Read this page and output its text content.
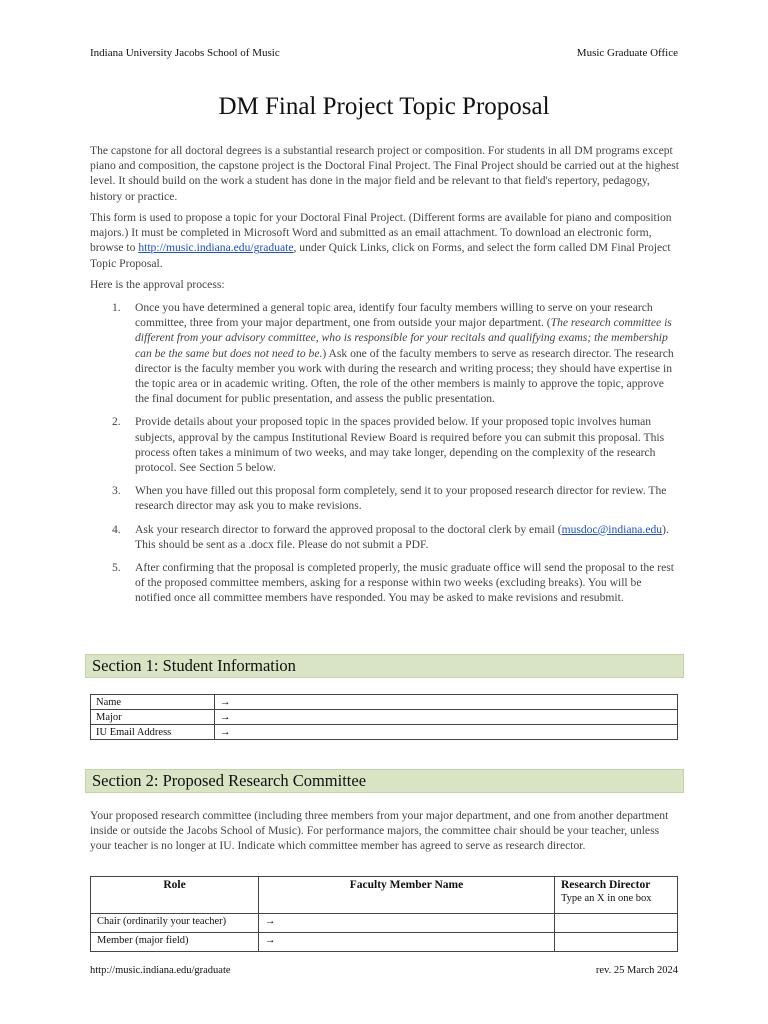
Indiana University Jacobs School of Music	Music Graduate Office
DM Final Project Topic Proposal

The capstone for all doctoral degrees is a substantial research project or composition. For students in all DM programs except piano and composition, the capstone project is the Doctoral Final Project. The Final Project should be carried out at the highest level. It should build on the work a student has done in the major field and be relevant to that field's repertory, pedagogy, history or practice.

This form is used to propose a topic for your Doctoral Final Project. (Different forms are available for piano and composition majors.) It must be completed in Microsoft Word and submitted as an email attachment. To download an electronic form, browse to http://music.indiana.edu/graduate, under Quick Links, click on Forms, and select the form called DM Final Project Topic Proposal.

Here is the approval process:

1. Once you have determined a general topic area, identify four faculty members willing to serve on your research committee, three from your major department, one from outside your major department. (The research committee is different from your advisory committee, who is responsible for your recitals and qualifying exams; the membership can be the same but does not need to be.) Ask one of the faculty members to serve as research director. The research director is the faculty member you work with during the research and writing process; they should have expertise in the topic area or in academic writing. Often, the role of the other members is mainly to approve the topic, approve the final document for public presentation, and assess the public presentation.
2. Provide details about your proposed topic in the spaces provided below. If your proposed topic involves human subjects, approval by the campus Institutional Review Board is required before you can submit this proposal. This process often takes a minimum of two weeks, and may take longer, depending on the complexity of the research protocol. See Section 5 below.
3. When you have filled out this proposal form completely, send it to your proposed research director for review. The research director may ask you to make revisions.
4. Ask your research director to forward the approved proposal to the doctoral clerk by email (musdoc@indiana.edu). This should be sent as a .docx file. Please do not submit a PDF.
5. After confirming that the proposal is completed properly, the music graduate office will send the proposal to the rest of the proposed committee members, asking for a response within two weeks (excluding breaks). You will be notified once all committee members have responded. You may be asked to make revisions and resubmit.
Section 1: Student Information
Name	→
Major	→
IU Email Address	→
Section 2: Proposed Research Committee

Your proposed research committee (including three members from your major department, and one from another department inside or outside the Jacobs School of Music). For performance majors, the committee chair should be your teacher, unless your teacher is no longer at IU. Indicate which committee member has agreed to serve as research director.

Role	Faculty Member Name	Research Director
Type an X in one box

Chair (ordinarily your teacher)	→	
Member (major field)	→	
http://music.indiana.edu/graduate	rev. 25 March 2024
